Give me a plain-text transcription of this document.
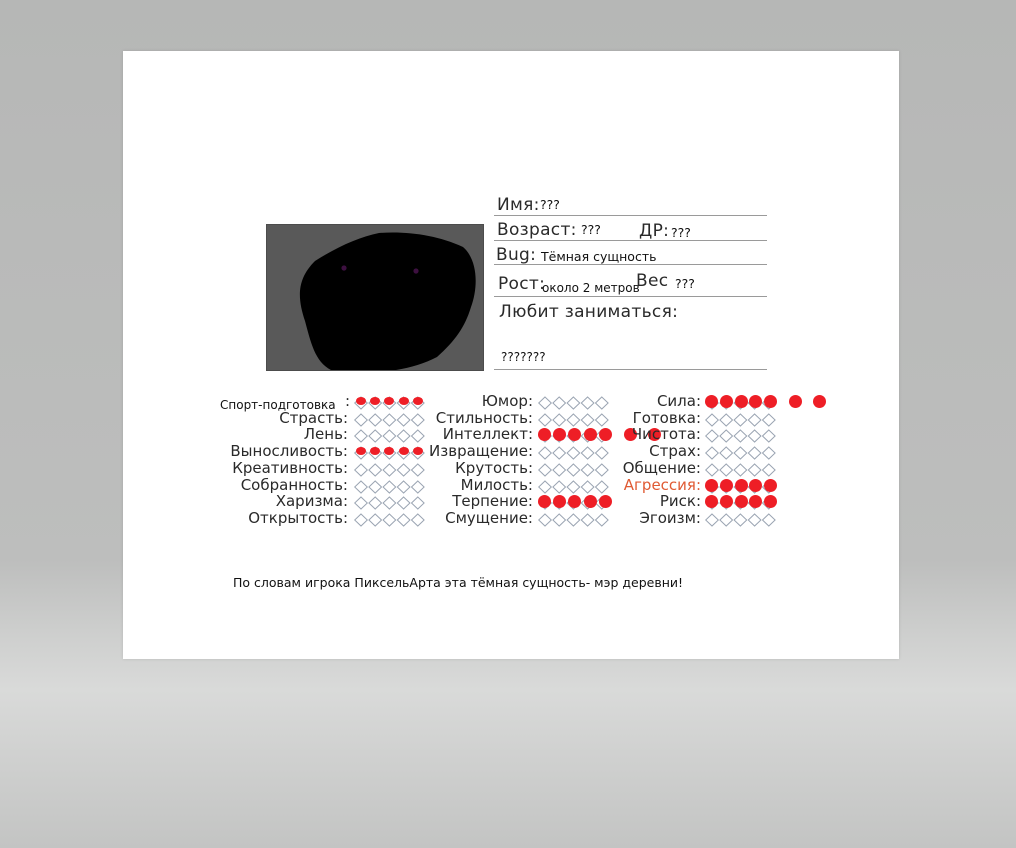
Имя: ???
Возраст: ??? ДР: ???
Bug: Тёмная сущность
Рост:
около 2 метров
Вес ???
Любит заниматься:
???????
Спорт-подготовка :
Страсть:
Лень:
Выносливость:
Креативность:
Собранность:
Харизма:
Открытость:
Юмор:
Стильность:
Интеллект:
Извращение:
Крутость:
Милость:
Терпение:
Смущение:
Сила:
Готовка:
Чистота:
Страх:
Общение:
Агрессия:
Риск:
Эгоизм:
По словам игрока ПиксельАрта эта тёмная сущность- мэр деревни!
